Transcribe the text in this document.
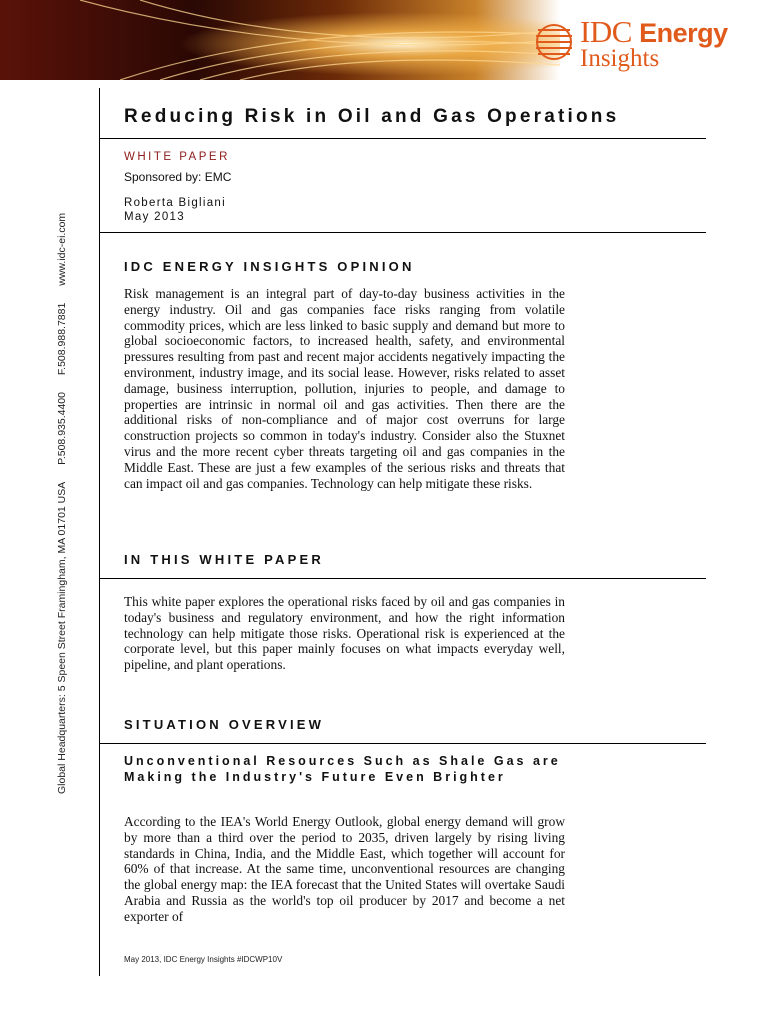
IDC Energy
Insights
Global Headquarters: 5 Speen Street Framingham, MA 01701 USA P.508.935.4400 F.508.988.7881 www.idc-ei.com
Reducing Risk in Oil and Gas Operations
WHITE PAPER
Sponsored by: EMC
Roberta Bigliani
May 2013
IDC ENERGY INSIGHTS OPINION
Risk management is an integral part of day-to-day business activities in the energy industry. Oil and gas companies face risks ranging from volatile commodity prices, which are less linked to basic supply and demand but more to global socioeconomic factors, to increased health, safety, and environmental pressures resulting from past and recent major accidents negatively impacting the environment, industry image, and its social lease. However, risks related to asset damage, business interruption, pollution, injuries to people, and damage to properties are intrinsic in normal oil and gas activities. Then there are the additional risks of non-compliance and of major cost overruns for large construction projects so common in today's industry. Consider also the Stuxnet virus and the more recent cyber threats targeting oil and gas companies in the Middle East. These are just a few examples of the serious risks and threats that can impact oil and gas companies. Technology can help mitigate these risks.
IN THIS WHITE PAPER
This white paper explores the operational risks faced by oil and gas companies in today's business and regulatory environment, and how the right information technology can help mitigate those risks. Operational risk is experienced at the corporate level, but this paper mainly focuses on what impacts everyday well, pipeline, and plant operations.
SITUATION OVERVIEW
Unconventional Resources Such as Shale Gas are Making the Industry's Future Even Brighter
According to the IEA's World Energy Outlook, global energy demand will grow by more than a third over the period to 2035, driven largely by rising living standards in China, India, and the Middle East, which together will account for 60% of that increase. At the same time, unconventional resources are changing the global energy map: the IEA forecast that the United States will overtake Saudi Arabia and Russia as the world's top oil producer by 2017 and become a net exporter of
May 2013, IDC Energy Insights #IDCWP10V
